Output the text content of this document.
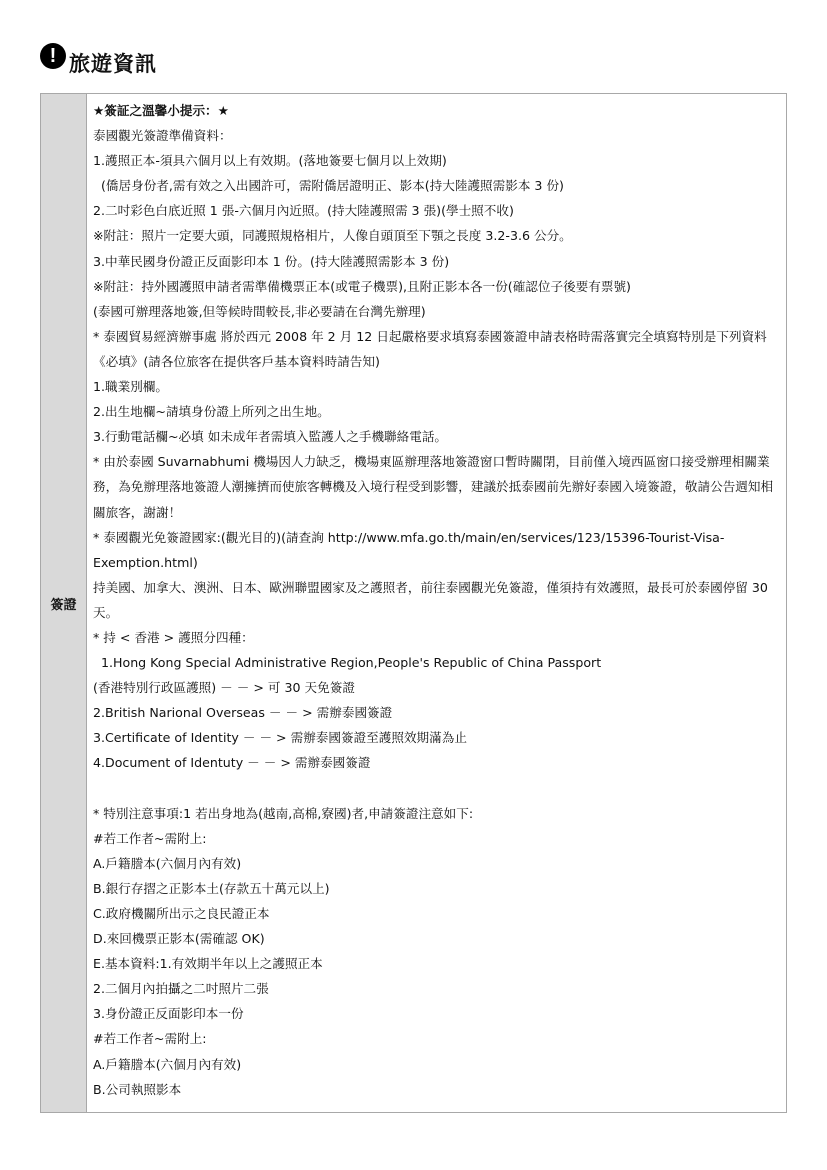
! 旅遊資訊
簽證
★簽証之溫馨小提示：★
泰國觀光簽證準備資料：
1.護照正本-須具六個月以上有效期。(落地簽要七個月以上效期)
(僑居身份者,需有效之入出國許可，需附僑居證明正、影本(持大陸護照需影本 3 份)
2.二吋彩色白底近照 1 張-六個月內近照。(持大陸護照需 3 張)(學士照不收)
※附註：照片一定要大頭，同護照規格相片，人像自頭頂至下顎之長度 3.2-3.6 公分。
3.中華民國身份證正反面影印本 1 份。(持大陸護照需影本 3 份)
※附註：持外國護照申請者需準備機票正本(或電子機票),且附正影本各一份(確認位子後要有票號)
(泰國可辦理落地簽,但等候時間較長,非必要請在台灣先辦理)
* 泰國貿易經濟辦事處 將於西元 2008 年 2 月 12 日起嚴格要求填寫泰國簽證申請表格時需落實完全填寫特別是下列資料《必填》(請各位旅客在提供客戶基本資料時請告知)
1.職業別欄。
2.出生地欄~請填身份證上所列之出生地。
3.行動電話欄~必填 如未成年者需填入監護人之手機聯絡電話。
* 由於泰國 Suvarnabhumi 機場因人力缺乏，機場東區辦理落地簽證窗口暫時關閉，目前僅入境西區窗口接受辦理相關業務，為免辦理落地簽證人潮擁擠而使旅客轉機及入境行程受到影響，建議於抵泰國前先辦好泰國入境簽證，敬請公告週知相關旅客，謝謝！
* 泰國觀光免簽證國家:(觀光目的)(請查詢 http://www.mfa.go.th/main/en/services/123/15396-Tourist-Visa-Exemption.html)
持美國、加拿大、澳洲、日本、歐洲聯盟國家及之護照者，前往泰國觀光免簽證，僅須持有效護照，最長可於泰國停留 30 天。
* 持 < 香港 > 護照分四種：
1.Hong Kong Special Administrative Region,People's Republic of China Passport
(香港特別行政區護照) － － > 可 30 天免簽證
2.British Narional Overseas － － > 需辦泰國簽證
3.Certificate of Identity － － > 需辦泰國簽證至護照效期滿為止
4.Document of Identuty － － > 需辦泰國簽證
* 特別注意事項:1 若出身地為(越南,高棉,寮國)者,申請簽證注意如下:
#若工作者~需附上:
A.戶籍謄本(六個月內有效)
B.銀行存摺之正影本土(存款五十萬元以上)
C.政府機關所出示之良民證正本
D.來回機票正影本(需確認 OK)
E.基本資料:1.有效期半年以上之護照正本
2.二個月內拍攝之二吋照片二張
3.身份證正反面影印本一份
#若工作者~需附上:
A.戶籍謄本(六個月內有效)
B.公司執照影本
